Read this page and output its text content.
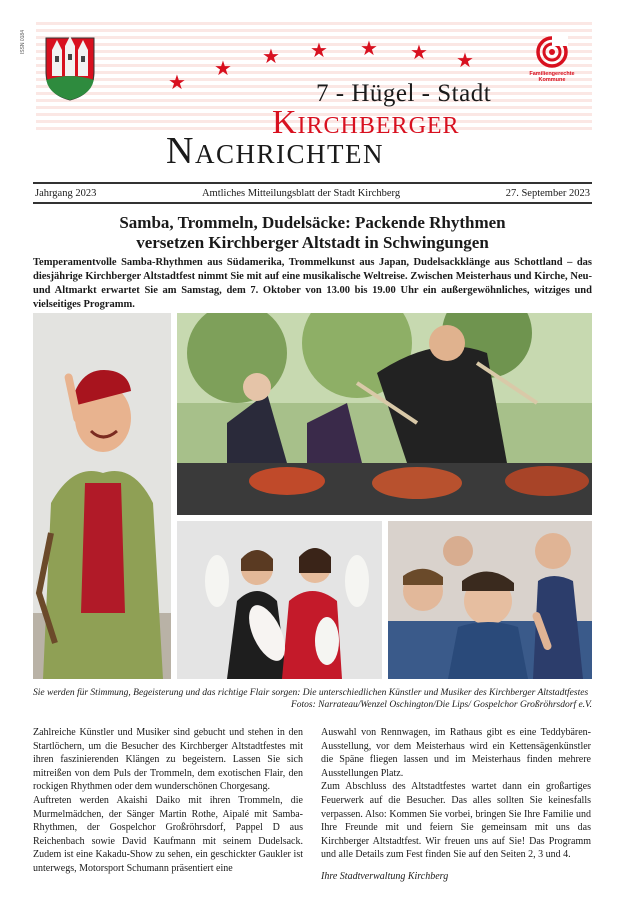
ISSN 0184
★
★ ★ ★ ★ ★ ★
Familiengerechte
Kommune
7 - Hügel - Stadt
Kirchberger
Nachrichten
Jahrgang 2023	Amtliches Mitteilungsblatt der Stadt Kirchberg	27. September 2023
Samba, Trommeln, Dudelsäcke: Packende Rhythmen
versetzen Kirchberger Altstadt in Schwingungen

Temperamentvolle Samba-Rhythmen aus Südamerika, Trommelkunst aus Japan, Dudelsackklänge aus Schottland – das diesjährige Kirchberger Altstadtfest nimmt Sie mit auf eine musikalische Weltreise. Zwischen Meisterhaus und Kirche, Neu- und Altmarkt erwartet Sie am Samstag, dem 7. Oktober von 13.00 bis 19.00 Uhr ein außergewöhnliches, witziges und vielseitiges Programm.

Sie werden für Stimmung, Begeisterung und das richtige Flair sorgen: Die unterschiedlichen Künstler und Musiker des Kirchberger Altstadtfestes
Fotos: Narrateau/Wenzel Oschington/Die Lips/ Gospelchor Großröhrsdorf e.V.

Zahlreiche Künstler und Musiker sind gebucht und stehen in den Startlöchern, um die Besucher des Kirchberger Altstadtfestes mit ihren faszinierenden Klängen zu begeistern. Lassen Sie sich mitreißen von dem Puls der Trommeln, dem exotischen Flair, den rockigen Rhythmen oder dem wunderschönen Chorgesang.

Auftreten werden Akaishi Daiko mit ihren Trommeln, die Murmelmädchen, der Sänger Martin Rothe, Aipalé mit Samba-Rhythmen, der Gospelchor Großröhrsdorf, Pappel D aus Reichenbach sowie David Kaufmann mit seinem Dudelsack. Zudem ist eine Kakadu-Show zu sehen, ein geschickter Gaukler ist unterwegs, Motorsport Schumann präsentiert eine

Auswahl von Rennwagen, im Rathaus gibt es eine Teddybären-Ausstellung, vor dem Meisterhaus wird ein Kettensägenkünstler die Späne fliegen lassen und im Meisterhaus finden mehrere Ausstellungen Platz.

Zum Abschluss des Altstadtfestes wartet dann ein großartiges Feuerwerk auf die Besucher. Das alles sollten Sie keinesfalls verpassen. Also: Kommen Sie vorbei, bringen Sie Ihre Familie und Ihre Freunde mit und feiern Sie gemeinsam mit uns das Kirchberger Altstadtfest. Wir freuen uns auf Sie! Das Programm und alle Details zum Fest finden Sie auf den Seiten 2, 3 und 4.

Ihre Stadtverwaltung Kirchberg
